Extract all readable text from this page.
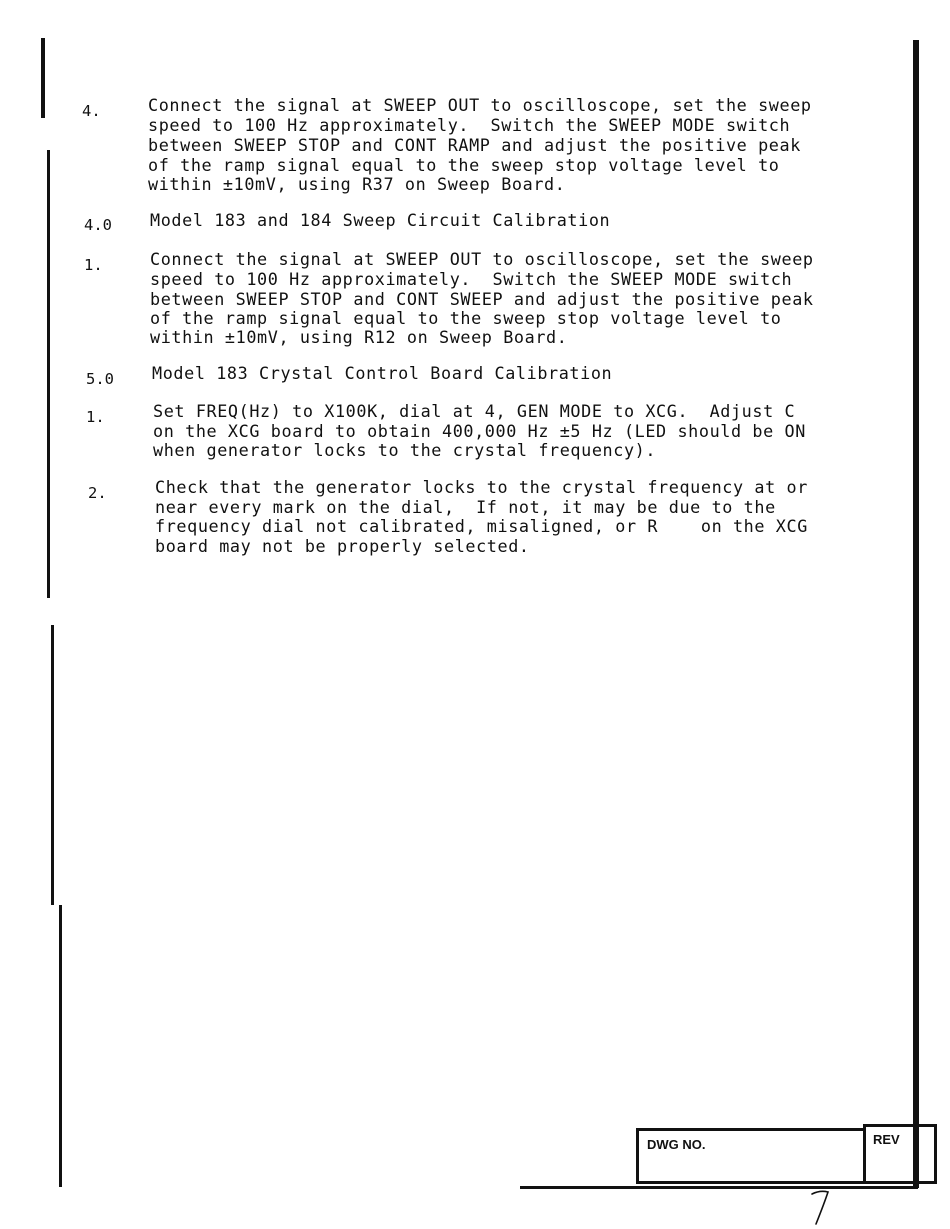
4.	Connect the signal at SWEEP OUT to oscilloscope, set the sweep
speed to 100 Hz approximately.  Switch the SWEEP MODE switch
between SWEEP STOP and CONT RAMP and adjust the positive peak
of the ramp signal equal to the sweep stop voltage level to
within ±10mV, using R37 on Sweep Board.
4.0 Model 183 and 184 Sweep Circuit Calibration
1.	Connect the signal at SWEEP OUT to oscilloscope, set the sweep
speed to 100 Hz approximately.  Switch the SWEEP MODE switch
between SWEEP STOP and CONT SWEEP and adjust the positive peak
of the ramp signal equal to the sweep stop voltage level to
within ±10mV, using R12 on Sweep Board.
5.0 Model 183 Crystal Control Board Calibration
1.	Set FREQ(Hz) to X100K, dial at 4, GEN MODE to XCG.  Adjust C
on the XCG board to obtain 400,000 Hz ±5 Hz (LED should be ON
when generator locks to the crystal frequency).
2.	Check that the generator locks to the crystal frequency at or
near every mark on the dial,  If not, it may be due to the
frequency dial not calibrated, misaligned, or R    on the XCG
board may not be properly selected.
DWG NO.	REV
